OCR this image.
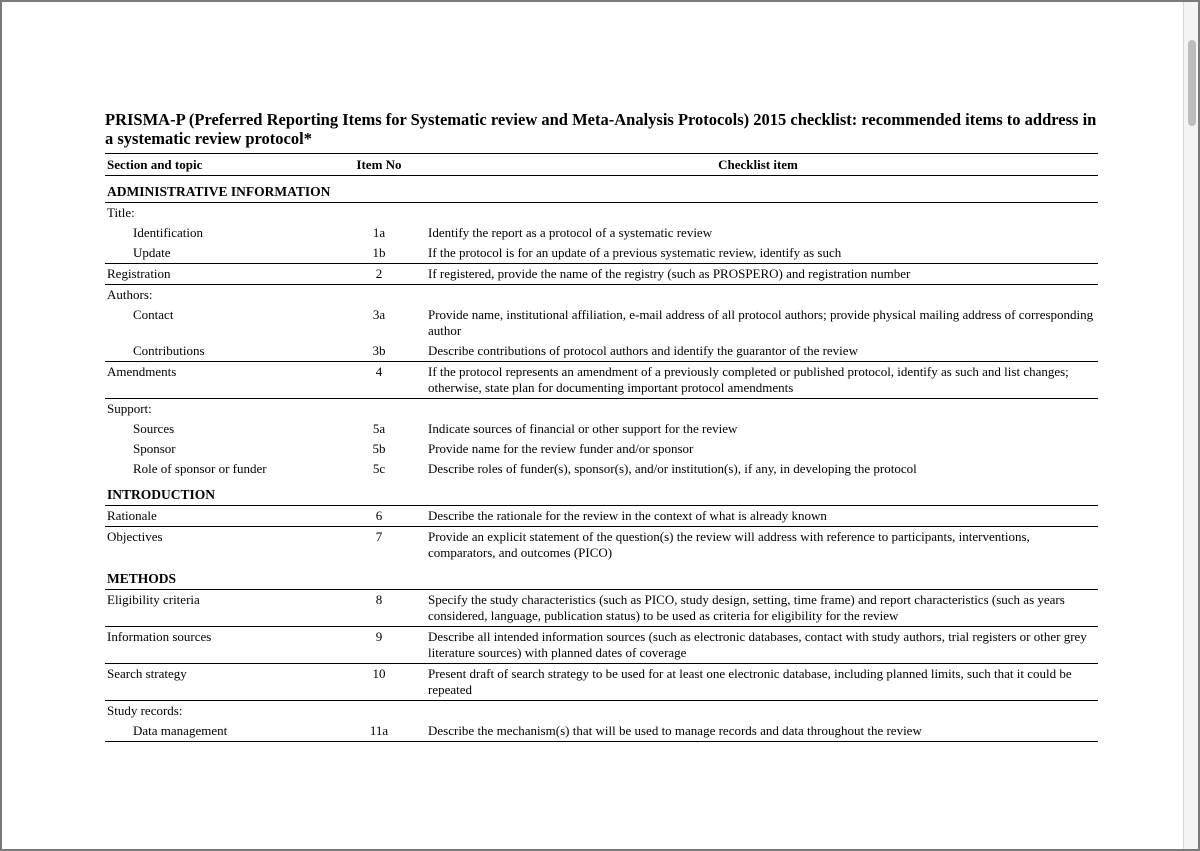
PRISMA-P (Preferred Reporting Items for Systematic review and Meta-Analysis Protocols) 2015 checklist: recommended items to address in a systematic review protocol*
Section and topic	Item No	Checklist item
ADMINISTRATIVE INFORMATION		
Title:		
Identification	1a	Identify the report as a protocol of a systematic review
Update	1b	If the protocol is for an update of a previous systematic review, identify as such
Registration	2	If registered, provide the name of the registry (such as PROSPERO) and registration number
Authors:		
Contact	3a	Provide name, institutional affiliation, e-mail address of all protocol authors; provide physical mailing address of corresponding author
Contributions	3b	Describe contributions of protocol authors and identify the guarantor of the review
Amendments	4	If the protocol represents an amendment of a previously completed or published protocol, identify as such and list changes; otherwise, state plan for documenting important protocol amendments
Support:		
Sources	5a	Indicate sources of financial or other support for the review
Sponsor	5b	Provide name for the review funder and/or sponsor
Role of sponsor or funder	5c	Describe roles of funder(s), sponsor(s), and/or institution(s), if any, in developing the protocol
INTRODUCTION		
Rationale	6	Describe the rationale for the review in the context of what is already known
Objectives	7	Provide an explicit statement of the question(s) the review will address with reference to participants, interventions, comparators, and outcomes (PICO)
METHODS		
Eligibility criteria	8	Specify the study characteristics (such as PICO, study design, setting, time frame) and report characteristics (such as years considered, language, publication status) to be used as criteria for eligibility for the review
Information sources	9	Describe all intended information sources (such as electronic databases, contact with study authors, trial registers or other grey literature sources) with planned dates of coverage
Search strategy	10	Present draft of search strategy to be used for at least one electronic database, including planned limits, such that it could be repeated
Study records:		
Data management	11a	Describe the mechanism(s) that will be used to manage records and data throughout the review
